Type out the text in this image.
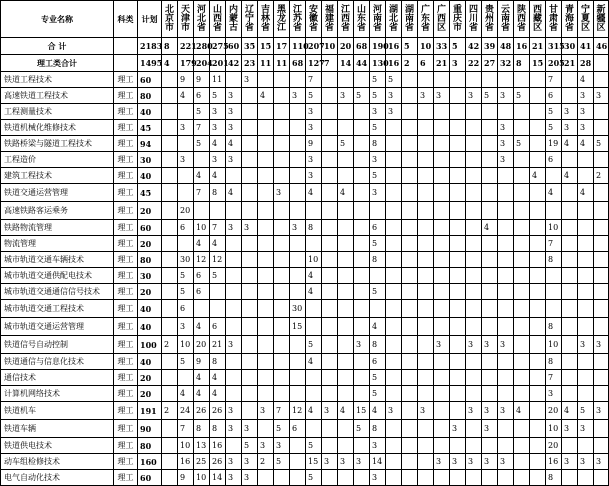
专业名称	科类	计划	北京市	天津市	河北省	山西省	内蒙古	辽宁省	吉林省	黑龙江	江苏省	安徽省	福建省	江西省	山东省	河南省	湖北省	湖南省	广东省	广西区	重庆市	四川省	贵州省	云南省	陕西省	西藏区	甘肃省	青海省	宁夏区	新疆区
合 计		2183	8	221	280	275	60	35	15	17	110	207	10	20	68	190	16	5	10	33	5	42	39	48	16	21	315	30	41	46
理工类合计		1495	4	179	204	201	42	23	11	11	68	127	7	14	44	130	16	2	6	21	3	22	27	32	8	15	205	21	28	
铁道工程技术	理工	60		9	9	11		3				7				5	5										7		4	
高速铁道工程技术	理工	80		4	6	5	3		4		3	5		3	5	5	3		3	3		3	5	3	5		6		3	3
工程测量技术	理工	40			5	3	3					3				3	3										5	3	3	
铁道机械化维修技术	理工	45		3	7	3	3					3				5								3			5	3	3	
铁路桥梁与隧道工程技术	理工	94			5	4	4					9		5		8								3	5		19	4	4	5
工程造价	理工	30		3		3	3					3				3								3			6			
建筑工程技术	理工	40			4	4						3				5										4		4		2
铁道交通运营管理	理工	45			7	8	4			3		4		4		3											4		4	
高速铁路客运乘务	理工	20		20																										
铁路物流管理	理工	60		6	10	7	3	3			3	8				6							4				10			
物流管理	理工	20			4	4										5											7			
城市轨道交通车辆技术	理工	80		30	12	12						10				8											8			
城市轨道交通供配电技术	理工	30		5	6	5						4																		
城市轨道交通通信信号技术	理工	20		5	6							4				5														
城市轨道交通工程技术	理工	40		6							30																			
城市轨道交通运营管理	理工	40		3	4	6					15					4											8			
铁道信号自动控制	理工	100	2	10	20	21	3					5			3	8				3		3	3	3			10		3	3
铁道通信与信息化技术	理工	40		5	9	8						4				6											8			
通信技术	理工	20			4	4										5											7			
计算机网络技术	理工	20		4	4	4										5											3			
铁道机车	理工	191	2	24	26	26	3		3	7	12	4	3	4	15	4	3		3			3	3	3	4		20	4	5	3
铁道车辆	理工	90		7	8	8	3	3		5	6				5	8					3		3				10	3	3	
铁道供电技术	理工	80		10	13	16		5	3	3		5				3											20			
动车组检修技术	理工	160		16	25	26	3	3	2	5		15	3	3	3	14				3	3	3	3	3			16	3	3	3
电气自动化技术	理工	60		9	10	14	3	3				5				3											8			
